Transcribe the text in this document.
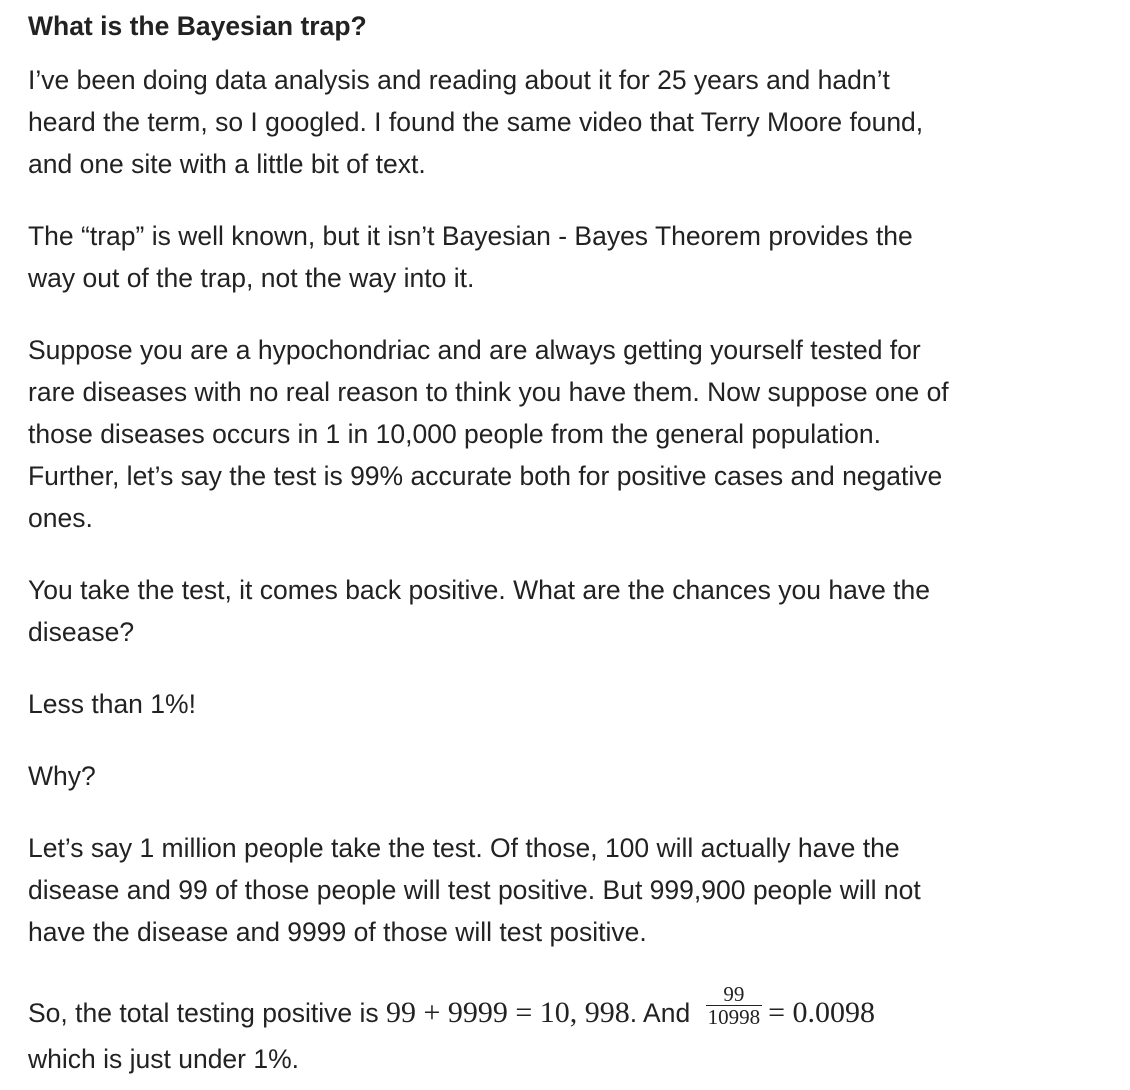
What is the Bayesian trap?

I’ve been doing data analysis and reading about it for 25 years and hadn’t
heard the term, so I googled. I found the same video that Terry Moore found,
and one site with a little bit of text.

The “trap” is well known, but it isn’t Bayesian - Bayes Theorem provides the
way out of the trap, not the way into it.

Suppose you are a hypochondriac and are always getting yourself tested for
rare diseases with no real reason to think you have them. Now suppose one of
those diseases occurs in 1 in 10,000 people from the general population.
Further, let’s say the test is 99% accurate both for positive cases and negative
ones.

You take the test, it comes back positive. What are the chances you have the
disease?

Less than 1%!

Why?

Let’s say 1 million people take the test. Of those, 100 will actually have the
disease and 99 of those people will test positive. But 999,900 people will not
have the disease and 9999 of those will test positive.

So, the total testing positive is 99 + 9999 = 10, 998. And $\frac{99}{10998} = 0.0098$
which is just under 1%.
